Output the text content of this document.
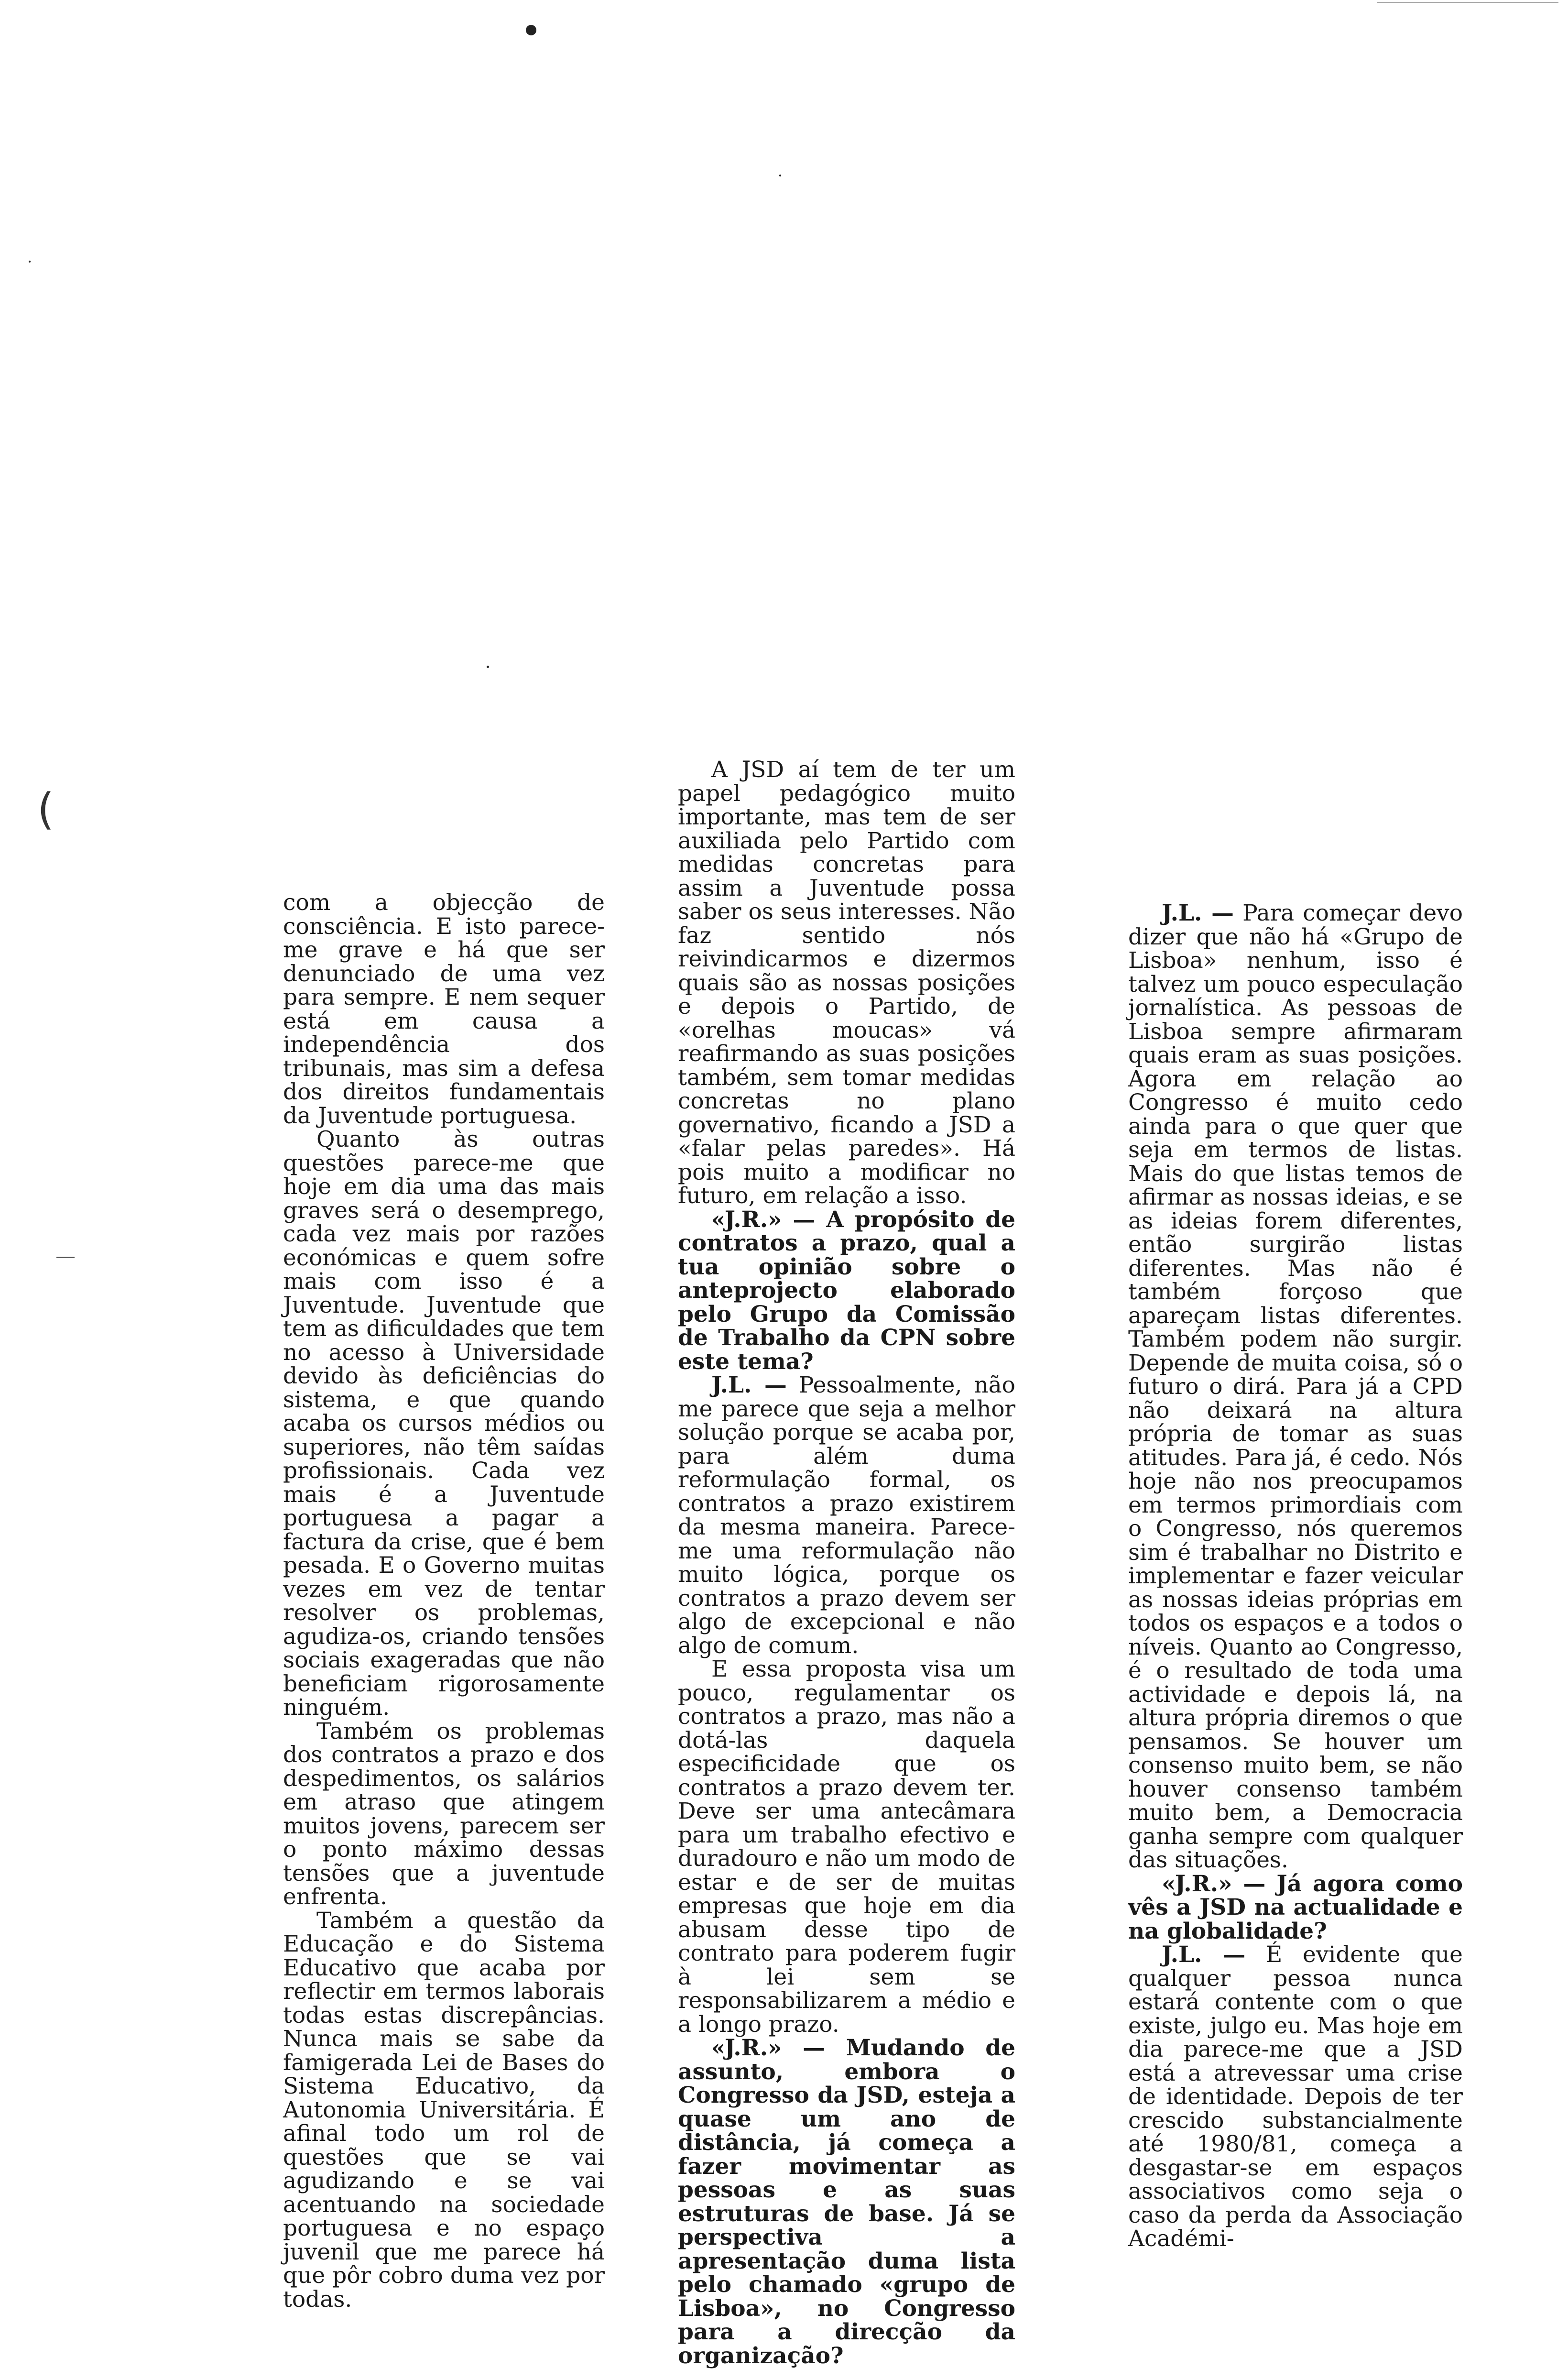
(

com a objecção de consciência. E isto parece-me grave e há que ser denunciado de uma vez para sempre. E nem sequer está em causa a independência dos tribunais, mas sim a defesa dos direitos fundamentais da Juventude portuguesa.

Quanto às outras questões parece-me que hoje em dia uma das mais graves será o desemprego, cada vez mais por razões económicas e quem sofre mais com isso é a Juventude. Juventude que tem as dificuldades que tem no acesso à Universidade devido às deficiências do sistema, e que quando acaba os cursos médios ou superiores, não têm saídas profissionais. Cada vez mais é a Juventude portuguesa a pagar a factura da crise, que é bem pesada. E o Governo muitas vezes em vez de tentar resolver os problemas, agudiza-os, criando tensões sociais exageradas que não beneficiam rigorosamente ninguém.

Também os problemas dos contratos a prazo e dos despedimentos, os salários em atraso que atingem muitos jovens, parecem ser o ponto máximo dessas tensões que a juventude enfrenta.

Também a questão da Educação e do Sistema Educativo que acaba por reflectir em termos laborais todas estas discrepâncias. Nunca mais se sabe da famigerada Lei de Bases do Sistema Educativo, da Autonomia Universitária. É afinal todo um rol de questões que se vai agudizando e se vai acentuando na sociedade portuguesa e no espaço juvenil que me parece há que pôr cobro duma vez por todas.

A JSD aí tem de ter um papel pedagógico muito importante, mas tem de ser auxiliada pelo Partido com medidas concretas para assim a Juventude possa saber os seus interesses. Não faz sentido nós reivindicarmos e dizermos quais são as nossas posições e depois o Partido, de «orelhas moucas» vá reafirmando as suas posições também, sem tomar medidas concretas no plano governativo, ficando a JSD a «falar pelas paredes». Há pois muito a modificar no futuro, em relação a isso.

«J.R.» — A propósito de contratos a prazo, qual a tua opinião sobre o anteprojecto elaborado pelo Grupo da Comissão de Trabalho da CPN sobre este tema?

J.L. — Pessoalmente, não me parece que seja a melhor solução porque se acaba por, para além duma reformulação formal, os contratos a prazo existirem da mesma maneira. Parece-me uma reformulação não muito lógica, porque os contratos a prazo devem ser algo de excepcional e não algo de comum.

E essa proposta visa um pouco, regulamentar os contratos a prazo, mas não a dotá-las daquela especificidade que os contratos a prazo devem ter. Deve ser uma antecâmara para um trabalho efectivo e duradouro e não um modo de estar e de ser de muitas empresas que hoje em dia abusam desse tipo de contrato para poderem fugir à lei sem se responsabilizarem a médio e a longo prazo.

«J.R.» — Mudando de assunto, embora o Congresso da JSD, esteja a quase um ano de distância, já começa a fazer movimentar as pessoas e as suas estruturas de base. Já se perspectiva a apresentação duma lista pelo chamado «grupo de Lisboa», no Congresso para a direcção da organização?

J.L. — Para começar devo dizer que não há «Grupo de Lisboa» nenhum, isso é talvez um pouco especulação jornalística. As pessoas de Lisboa sempre afirmaram quais eram as suas posições. Agora em relação ao Congresso é muito cedo ainda para o que quer que seja em termos de listas. Mais do que listas temos de afirmar as nossas ideias, e se as ideias forem diferentes, então surgirão listas diferentes. Mas não é também forçoso que apareçam listas diferentes. Também podem não surgir. Depende de muita coisa, só o futuro o dirá. Para já a CPD não deixará na altura própria de tomar as suas atitudes. Para já, é cedo. Nós hoje não nos preocupamos em termos primordiais com o Congresso, nós queremos sim é trabalhar no Distrito e implementar e fazer veicular as nossas ideias próprias em todos os espaços e a todos o níveis. Quanto ao Congresso, é o resultado de toda uma actividade e depois lá, na altura própria diremos o que pensamos. Se houver um consenso muito bem, se não houver consenso também muito bem, a Democracia ganha sempre com qualquer das situações.

«J.R.» — Já agora como vês a JSD na actualidade e na globalidade?

J.L. — É evidente que qualquer pessoa nunca estará contente com o que existe, julgo eu. Mas hoje em dia parece-me que a JSD está a atrevessar uma crise de identidade. Depois de ter crescido substancialmente até 1980/81, começa a desgastar-se em espaços associativos como seja o caso da perda da Associação Académi-
